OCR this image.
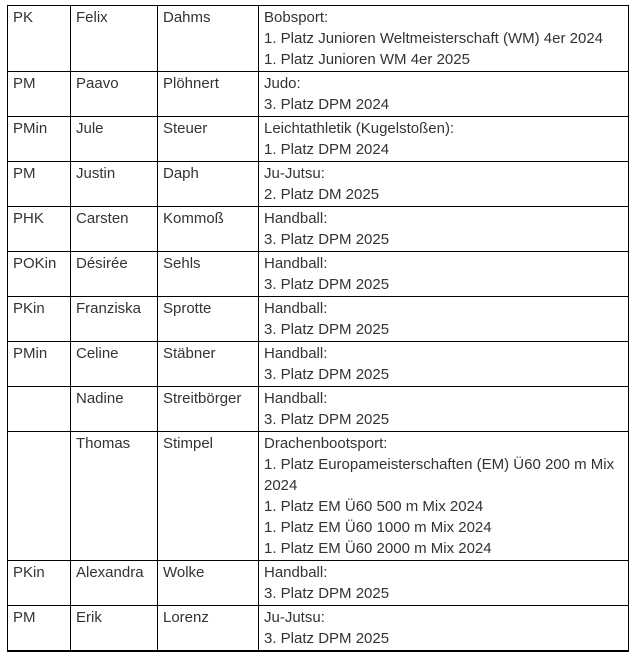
PK	Felix	Dahms	Bobsport:
1. Platz Junioren Weltmeisterschaft (WM) 4er 2024
1. Platz Junioren WM 4er 2025

PM	Paavo	Plöhnert	Judo:
3. Platz DPM 2024

PMin	Jule	Steuer	Leichtathletik (Kugelstoßen):
1. Platz DPM 2024

PM	Justin	Daph	Ju-Jutsu:
2. Platz DM 2025

PHK	Carsten	Kommoß	Handball:
3. Platz DPM 2025

POKin	Désirée	Sehls	Handball:
3. Platz DPM 2025

PKin	Franziska	Sprotte	Handball:
3. Platz DPM 2025

PMin	Celine	Stäbner	Handball:
3. Platz DPM 2025

	Nadine	Streitbörger	Handball:
3. Platz DPM 2025

	Thomas	Stimpel	Drachenbootsport:
1. Platz Europameisterschaften (EM) Ü60 200 m Mix 2024
1. Platz EM Ü60 500 m Mix 2024
1. Platz EM Ü60 1000 m Mix 2024
1. Platz EM Ü60 2000 m Mix 2024

PKin	Alexandra	Wolke	Handball:
3. Platz DPM 2025

PM	Erik	Lorenz	Ju-Jutsu:
3. Platz DPM 2025
